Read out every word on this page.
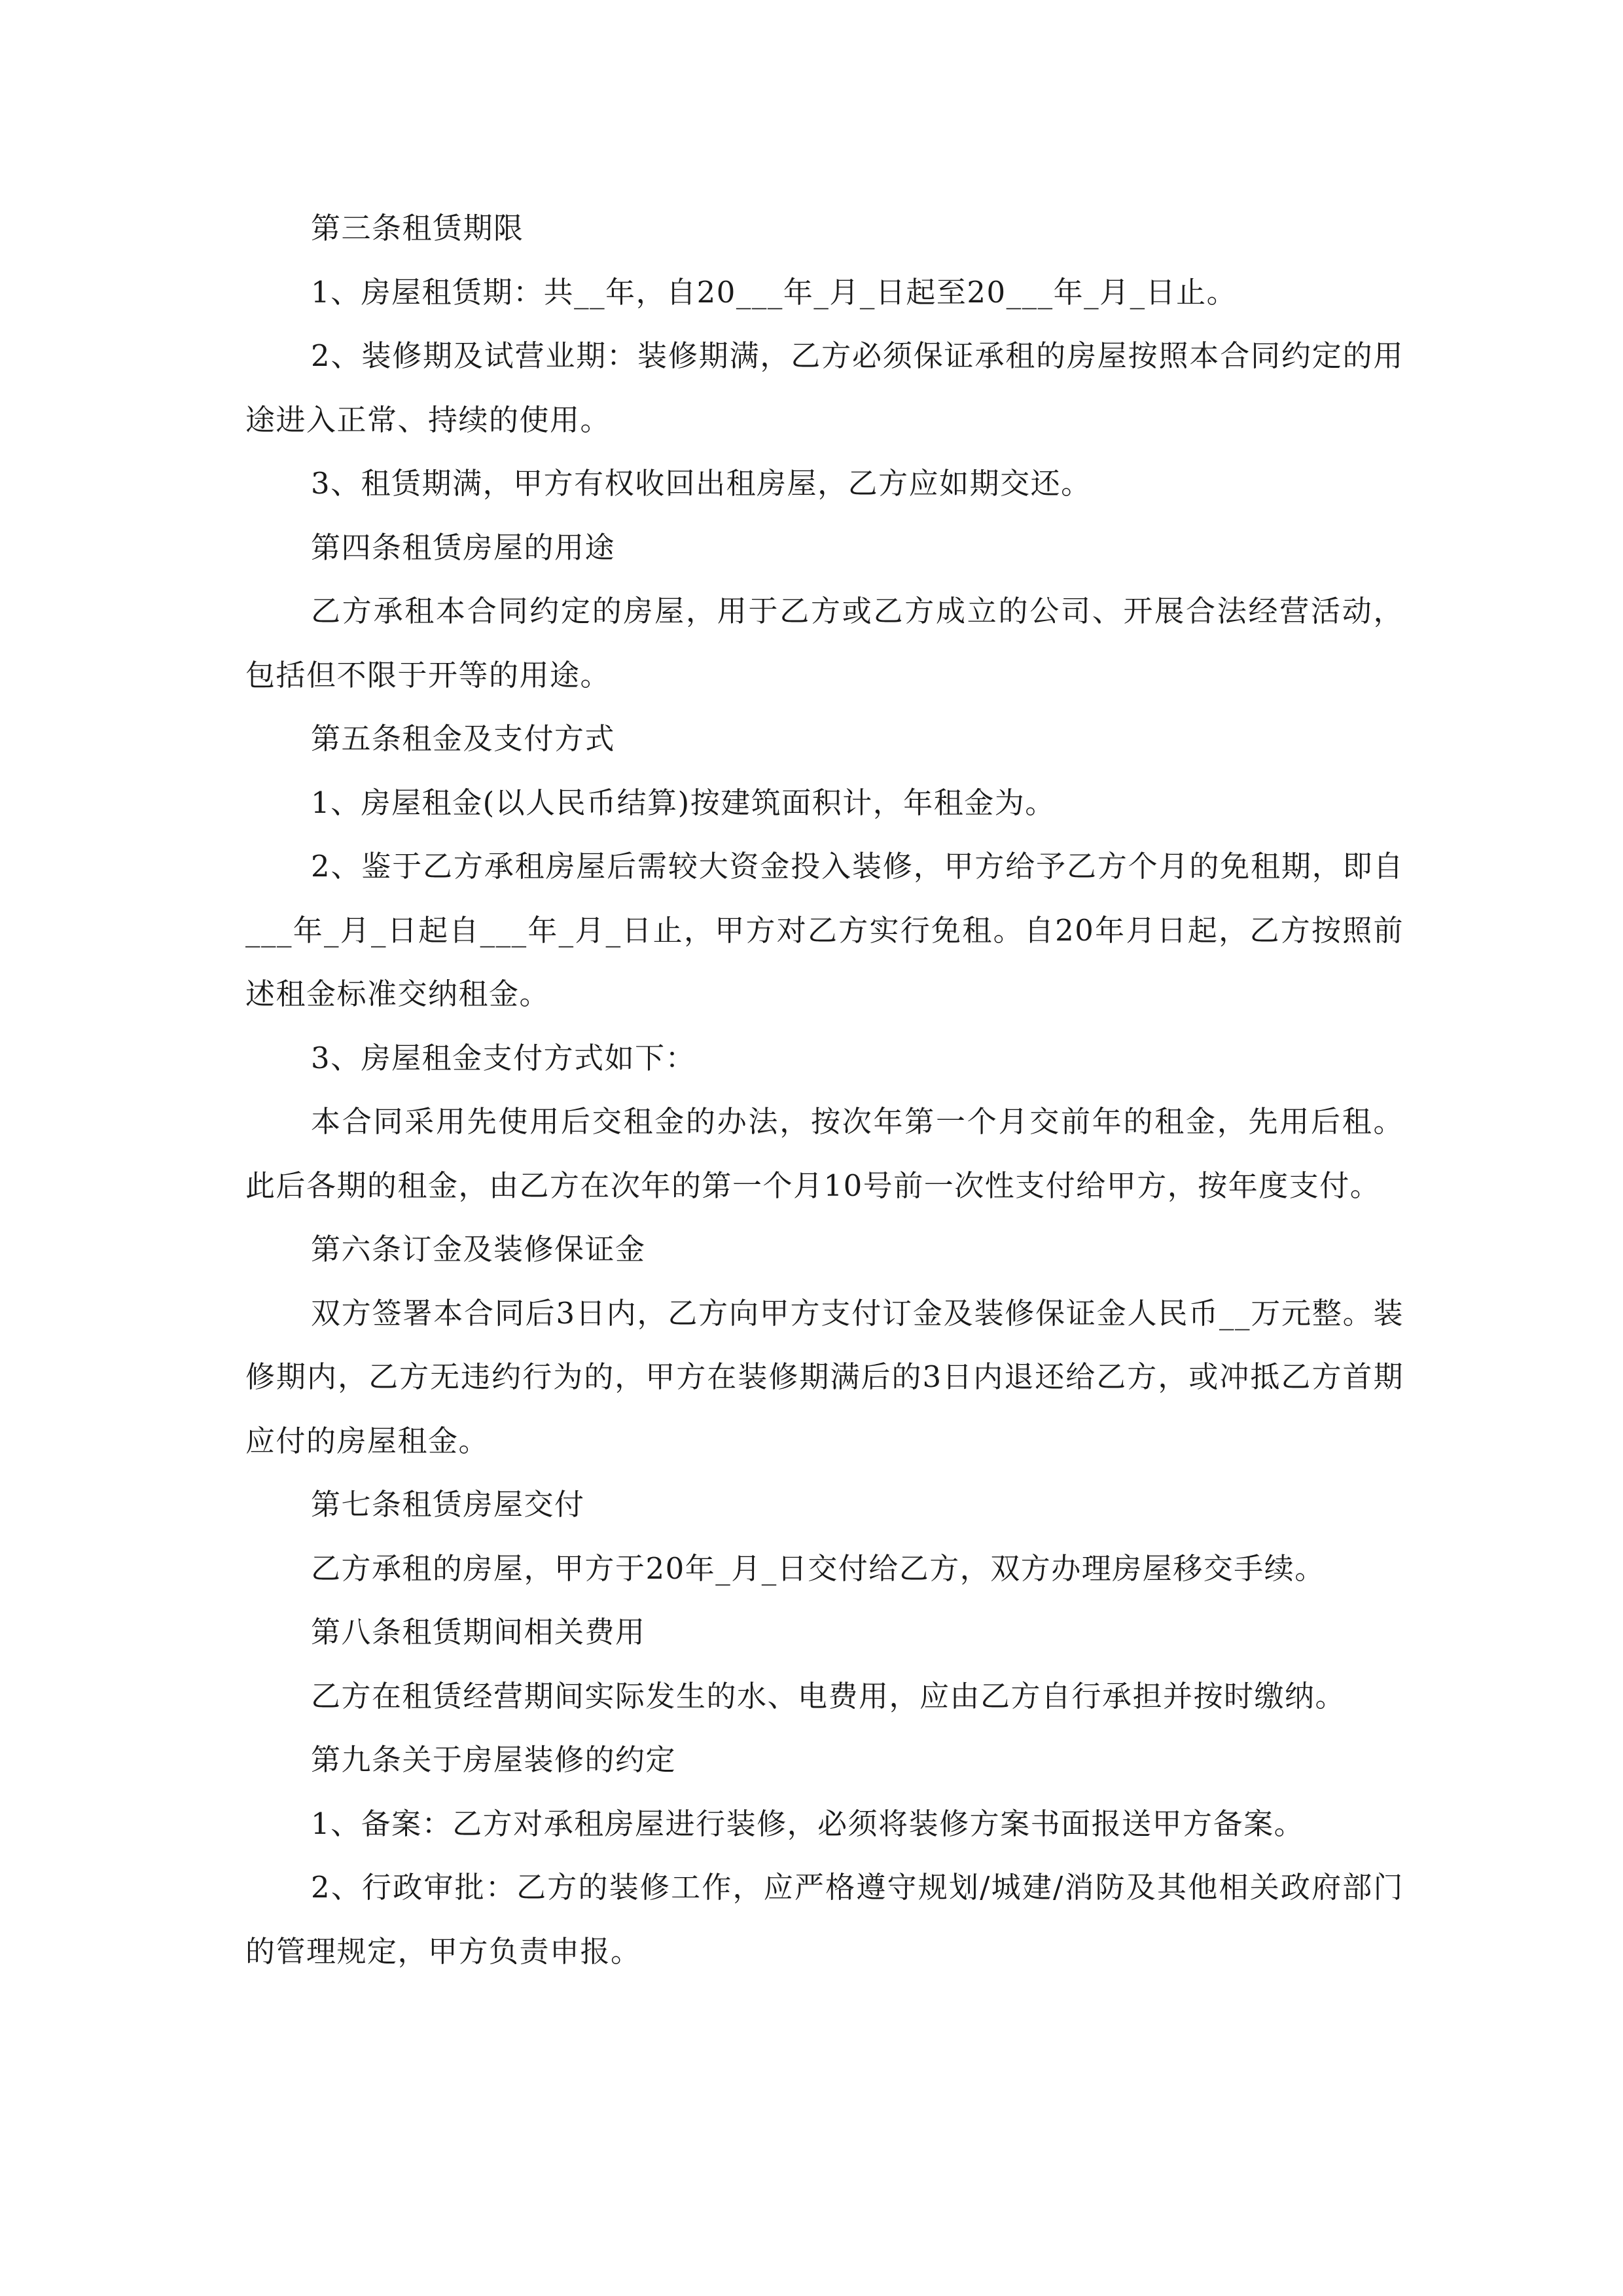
第三条租赁期限

1、房屋租赁期：共__年，自20___年_月_日起至20___年_月_日止。

2、装修期及试营业期：装修期满，乙方必须保证承租的房屋按照本合同约定的用途进入正常、持续的使用。

3、租赁期满，甲方有权收回出租房屋，乙方应如期交还。

第四条租赁房屋的用途

乙方承租本合同约定的房屋，用于乙方或乙方成立的公司、开展合法经营活动，包括但不限于开等的用途。

第五条租金及支付方式

1、房屋租金(以人民币结算)按建筑面积计，年租金为。

2、鉴于乙方承租房屋后需较大资金投入装修，甲方给予乙方个月的免租期，即自___年_月_日起自___年_月_日止，甲方对乙方实行免租。自20年月日起，乙方按照前述租金标准交纳租金。

3、房屋租金支付方式如下：

本合同采用先使用后交租金的办法，按次年第一个月交前年的租金，先用后租。此后各期的租金，由乙方在次年的第一个月10号前一次性支付给甲方，按年度支付。

第六条订金及装修保证金

双方签署本合同后3日内，乙方向甲方支付订金及装修保证金人民币__万元整。装修期内，乙方无违约行为的，甲方在装修期满后的3日内退还给乙方，或冲抵乙方首期应付的房屋租金。

第七条租赁房屋交付

乙方承租的房屋，甲方于20年_月_日交付给乙方，双方办理房屋移交手续。

第八条租赁期间相关费用

乙方在租赁经营期间实际发生的水、电费用，应由乙方自行承担并按时缴纳。

第九条关于房屋装修的约定

1、备案：乙方对承租房屋进行装修，必须将装修方案书面报送甲方备案。

2、行政审批：乙方的装修工作，应严格遵守规划/城建/消防及其他相关政府部门的管理规定，甲方负责申报。
